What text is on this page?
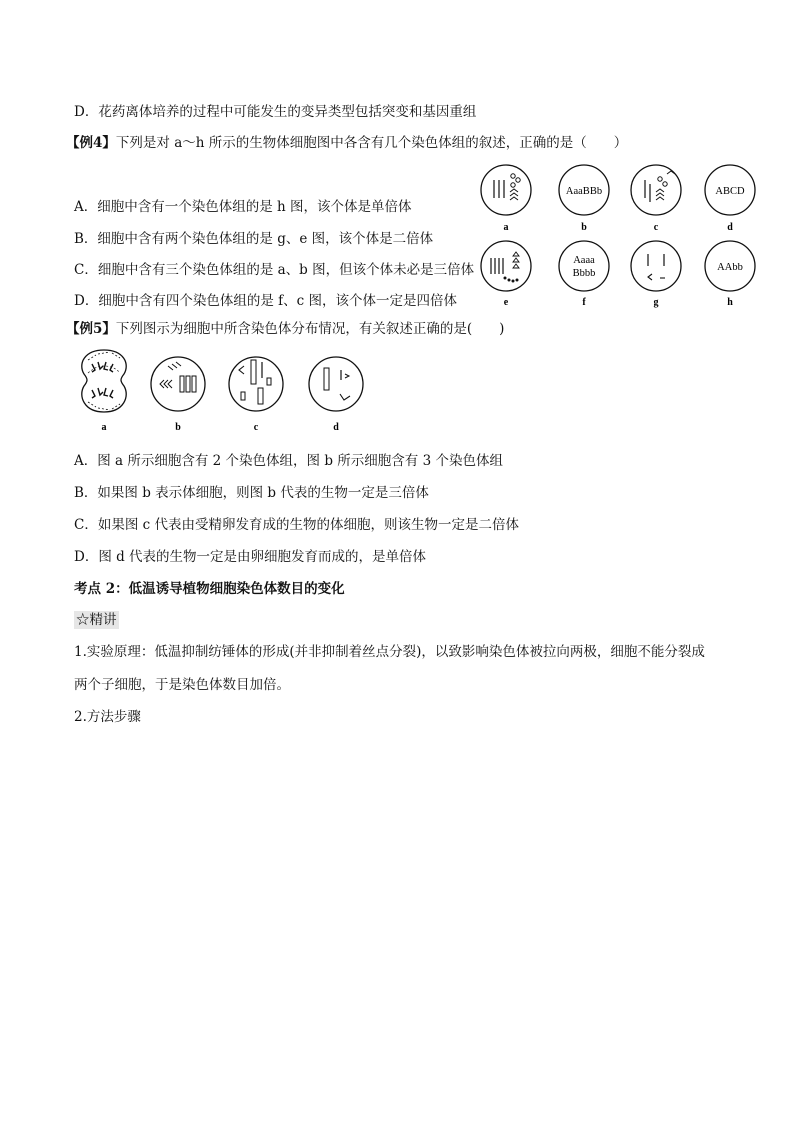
D．花药离体培养的过程中可能发生的变异类型包括突变和基因重组
【例4】下列是对 a～h 所示的生物体细胞图中各含有几个染色体组的叙述，正确的是（　　）
A．细胞中含有一个染色体组的是 h 图，该个体是单倍体
B．细胞中含有两个染色体组的是 g、e 图，该个体是二倍体
C．细胞中含有三个染色体组的是 a、b 图，但该个体未必是三倍体
D．细胞中含有四个染色体组的是 f、c 图，该个体一定是四倍体
a
AaaBBb
b	c
ABCD
d
e
Aaaa
Bbbb
f	g
AAbb
h
【例5】下列图示为细胞中所含染色体分布情况，有关叙述正确的是(　　)
a	b	c	d
A．图 a 所示细胞含有 2 个染色体组，图 b 所示细胞含有 3 个染色体组
B．如果图 b 表示体细胞，则图 b 代表的生物一定是三倍体
C．如果图 c 代表由受精卵发育成的生物的体细胞，则该生物一定是二倍体
D．图 d 代表的生物一定是由卵细胞发育而成的，是单倍体
考点 2：低温诱导植物细胞染色体数目的变化
☆精讲
1.实验原理：低温抑制纺锤体的形成(并非抑制着丝点分裂)，以致影响染色体被拉向两极，细胞不能分裂成
两个子细胞，于是染色体数目加倍。
2.方法步骤
